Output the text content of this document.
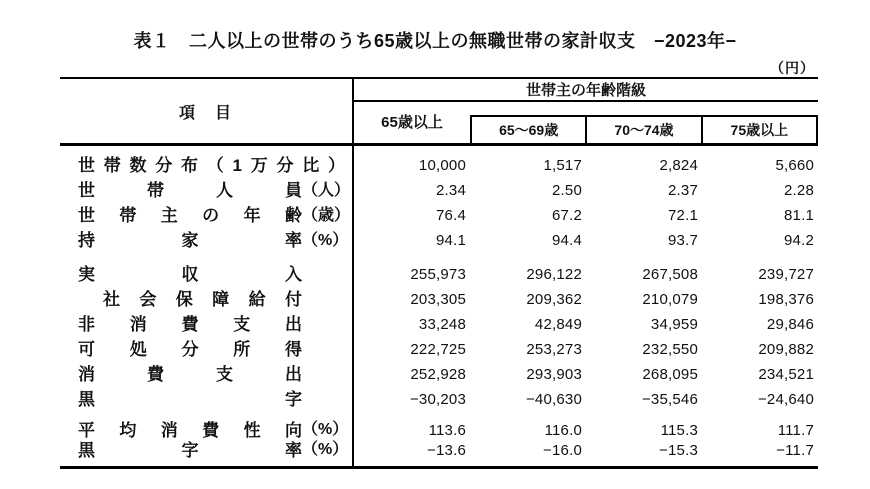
表１　二人以上の世帯のうち65歳以上の無職世帯の家計収支　−2023年−
（円）
項　目
世帯主の年齢階級
65歳以上	65〜69歳	70〜74歳	75歳以上
世 帯 数 分 布 （ 1 万 分 比 ）	10,000	1,517	2,824	5,660
世	帯	人	員 （ 人 ）	2.34	2.50	2.37	2.28
世 帯 主 の 年 齢 （ 歳 ）	76.4	67.2	72.1	81.1
持	家	率 （ % ）	94.1	94.4	93.7	94.2
実	収	入	255,973	296,122	267,508	239,727
社 会 保 障 給 付	203,305	209,362	210,079	198,376
非 消 費 支 出	33,248	42,849	34,959	29,846
可 処 分 所 得	222,725	253,273	232,550	209,882
消	費	支	出	252,928	293,903	268,095	234,521
黒	字	−30,203	−40,630	−35,546	−24,640
平 均 消 費 性 向 （ % ）	113.6	116.0	115.3	111.7
黒	字	率 （ % ）	−13.6	−16.0	−15.3	−11.7
